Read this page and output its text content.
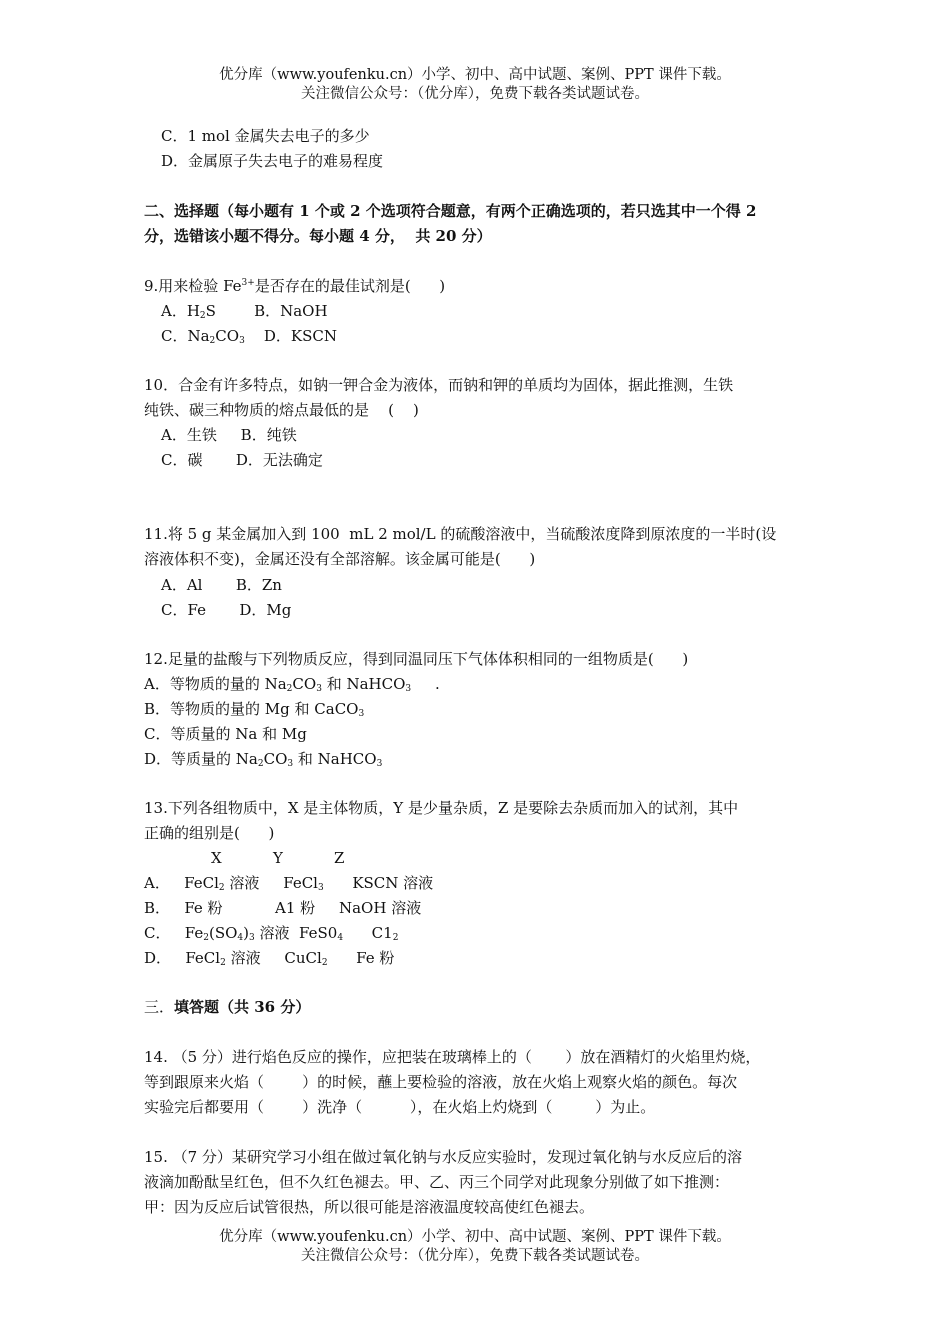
优分库（www.youfenku.cn）小学、初中、高中试题、案例、PPT 课件下载。
关注微信公众号：（优分库），免费下载各类试题试卷。
C．1 mol 金属失去电子的多少
D．金属原子失去电子的难易程度
二、选择题（每小题有 1 个或 2 个选项符合题意，有两个正确选项的，若只选其中一个得 2
分，选错该小题不得分。每小题 4 分，  共 20 分）
9.用来检验 $Fe^{3+}$是否存在的最佳试剂是(      )
A．$H_2S$        B．NaOH
C．$Na_2CO_3$    D．KSCN
10．合金有许多特点，如钠一钾合金为液体，而钠和钾的单质均为固体，据此推测，生铁
纯铁、碳三种物质的熔点最低的是    (    )
A．生铁     B．纯铁
C．碳       D．无法确定
11.将 5 g 某金属加入到 100  mL 2 mol/L 的硫酸溶液中，当硫酸浓度降到原浓度的一半时(设
溶液体积不变)，金属还没有全部溶解。该金属可能是(      )
A．Al       B．Zn
C．Fe       D．Mg
12.足量的盐酸与下列物质反应，得到同温同压下气体体积相同的一组物质是(      )
A．等物质的量的 $Na_2CO_3$ 和 NaHCO$_3$     .
B．等物质的量的 Mg 和 CaCO$_3$
C．等质量的 Na 和 Mg
D．等质量的 $Na_2CO_3$ 和 NaHCO$_3$
13.下列各组物质中，X 是主体物质，Y 是少量杂质，Z 是要除去杂质而加入的试剂，其中
正确的组别是(      )
X	Y	Z
A．   FeCl$_2$ 溶液     FeCl$_3$      KSCN 溶液
B．   Fe 粉           A1 粉     NaOH 溶液
C．   $Fe_2(SO_4)_3$ 溶液  $FeS0_4$      $C1_2$
D．   FeCl$_2$ 溶液     CuCl$_2$      Fe 粉
三．填答题（共 36 分）
14. （5 分）进行焰色反应的操作，应把装在玻璃棒上的（       ）放在酒精灯的火焰里灼烧，
等到跟原来火焰（        ）的时候，蘸上要检验的溶液，放在火焰上观察火焰的颜色。每次
实验完后都要用（        ）洗净（          ），在火焰上灼烧到（         ）为止。
15. （7 分）某研究学习小组在做过氧化钠与水反应实验时，发现过氧化钠与水反应后的溶
液滴加酚酞呈红色，但不久红色褪去。甲、乙、丙三个同学对此现象分别做了如下推测：
甲：因为反应后试管很热，所以很可能是溶液温度较高使红色褪去。
优分库（www.youfenku.cn）小学、初中、高中试题、案例、PPT 课件下载。
关注微信公众号：（优分库），免费下载各类试题试卷。
